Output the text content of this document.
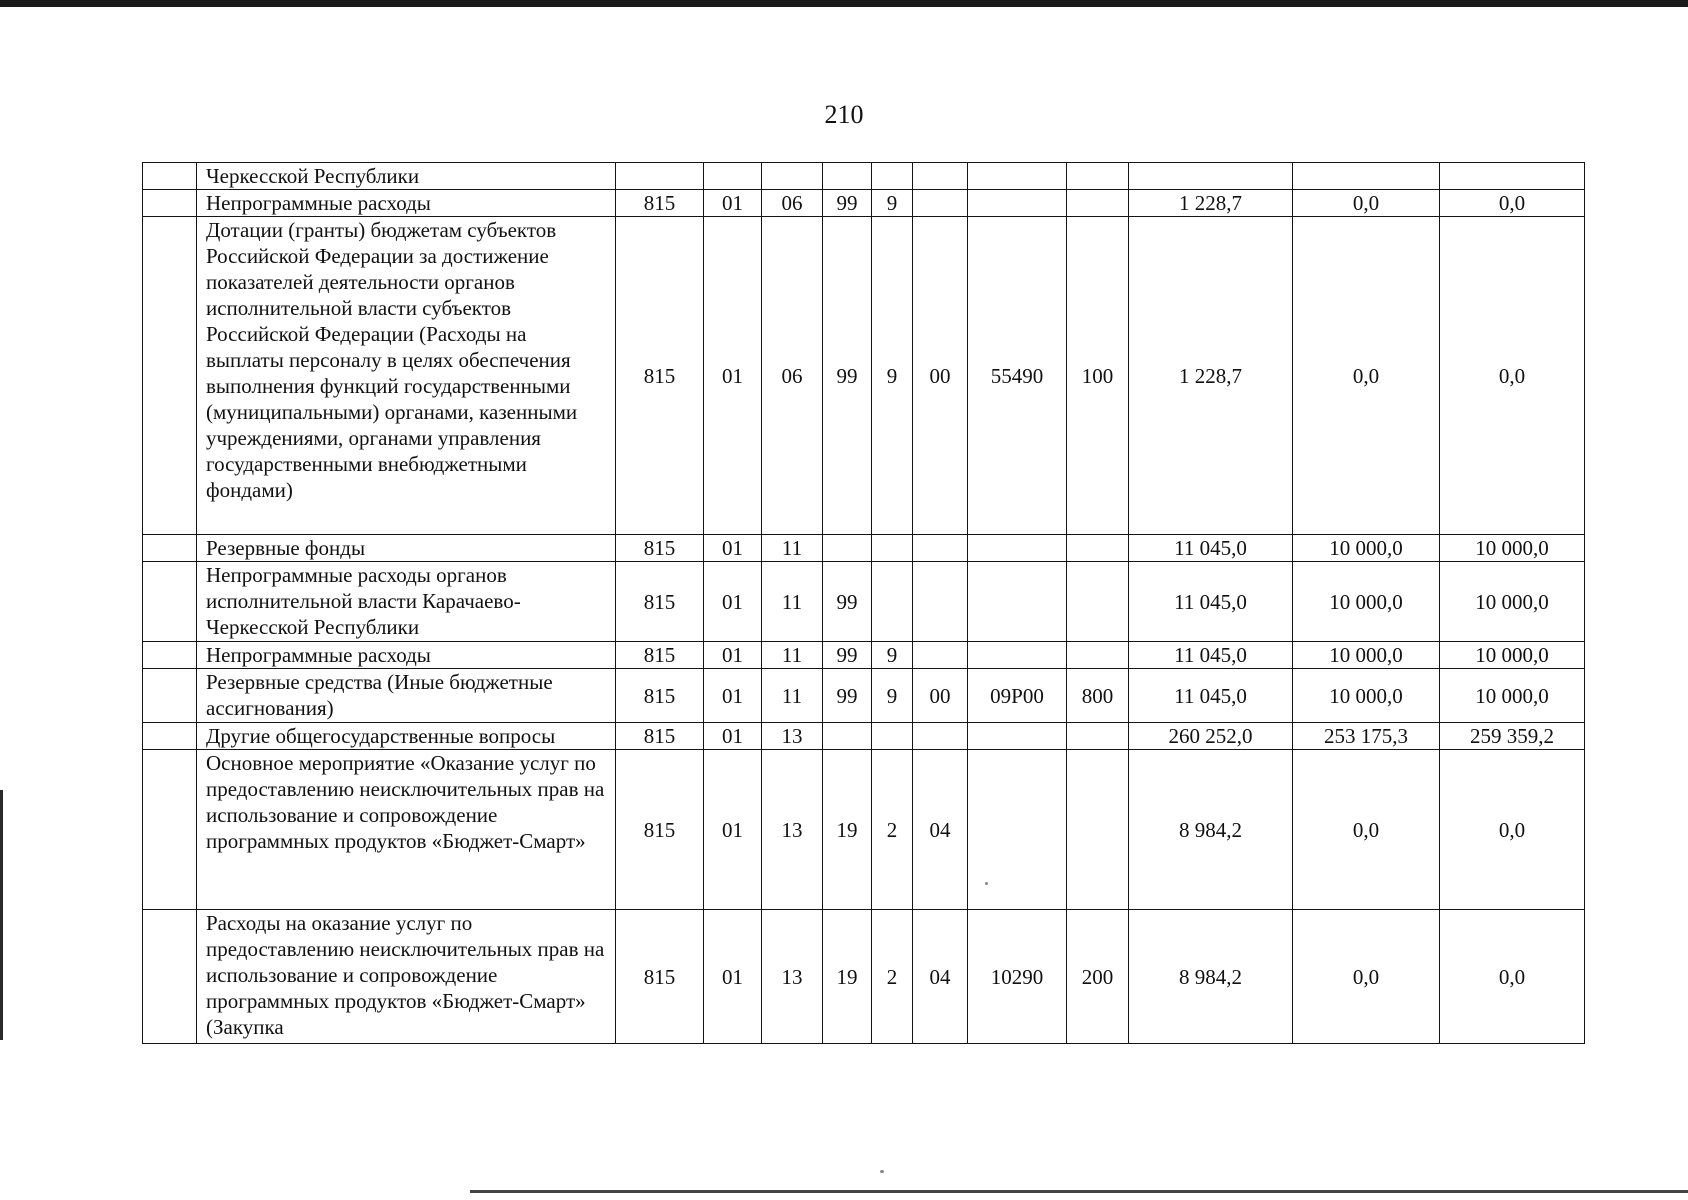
210
	Черкесской Республики											
	Непрограммные расходы	815	01	06	99	9				1 228,7	0,0	0,0
	Дотации (гранты) бюджетам субъектов Российской Федерации за достижение показателей деятельности органов исполнительной власти субъектов Российской Федерации (Расходы на выплаты персоналу в целях обеспечения выполнения функций государственными (муниципальными) органами, казенными учреждениями, органами управления государственными внебюджетными фондами)	815	01	06	99	9	00	55490	100	1 228,7	0,0	0,0
	Резервные фонды	815	01	11						11 045,0	10 000,0	10 000,0
	Непрограммные расходы органов исполнительной власти Карачаево-Черкесской Республики	815	01	11	99					11 045,0	10 000,0	10 000,0
	Непрограммные расходы	815	01	11	99	9				11 045,0	10 000,0	10 000,0
	Резервные средства (Иные бюджетные ассигнования)	815	01	11	99	9	00	09P00	800	11 045,0	10 000,0	10 000,0
	Другие общегосударственные вопросы	815	01	13						260 252,0	253 175,3	259 359,2
	Основное мероприятие «Оказание услуг по предоставлению неисключительных прав на использование и сопровождение программных продуктов «Бюджет-Смарт»	815	01	13	19	2	04			8 984,2	0,0	0,0
	Расходы на оказание услуг по предоставлению неисключительных прав на использование и сопровождение программных продуктов «Бюджет-Смарт» (Закупка	815	01	13	19	2	04	10290	200	8 984,2	0,0	0,0
